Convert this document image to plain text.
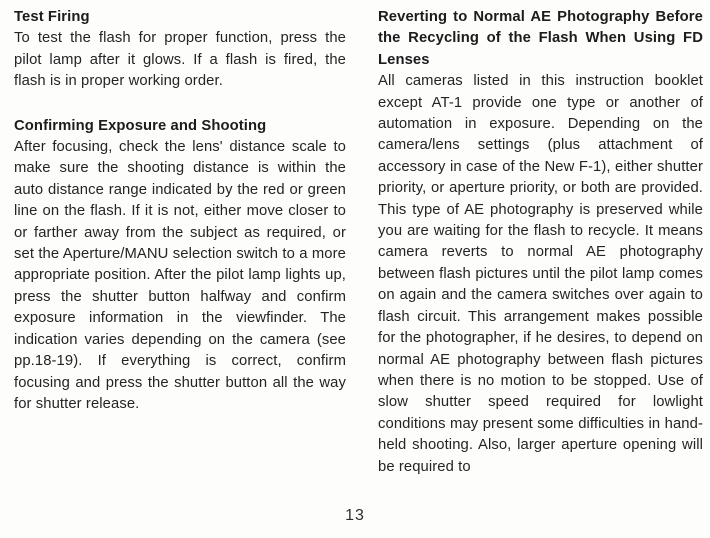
Test Firing

To test the flash for proper function, press the pilot lamp after it glows. If a flash is fired, the flash is in proper working order.

Confirming Exposure and Shooting

After focusing, check the lens' distance scale to make sure the shooting distance is within the auto distance range indicated by the red or green line on the flash. If it is not, either move closer to or farther away from the subject as required, or set the Aperture/MANU selection switch to a more appropriate position. After the pilot lamp lights up, press the shutter button halfway and confirm exposure information in the viewfinder. The indication varies depending on the camera (see pp.18-19). If everything is correct, confirm focusing and press the shutter button all the way for shutter release.

Reverting to Normal AE Photography Before the Recycling of the Flash When Using FD Lenses

All cameras listed in this instruction booklet except AT-1 provide one type or another of automation in exposure. Depending on the camera/lens settings (plus attachment of accessory in case of the New F-1), either shutter priority, or aperture priority, or both are provided. This type of AE photography is preserved while you are waiting for the flash to recycle. It means camera reverts to normal AE photography between flash pictures until the pilot lamp comes on again and the camera switches over again to flash circuit. This arrangement makes possible for the photographer, if he desires, to depend on normal AE photography between flash pictures when there is no motion to be stopped. Use of slow shutter speed required for lowlight conditions may present some difficulties in hand-held shooting. Also, larger aperture opening will be required to

13
